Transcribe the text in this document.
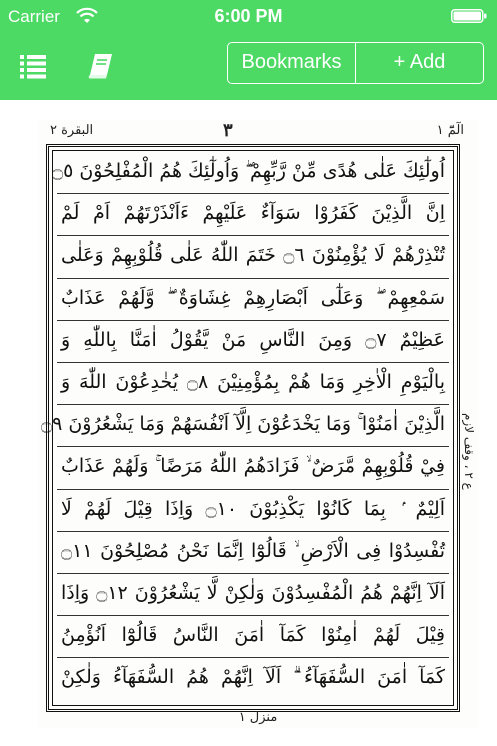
Carrier	6:00 PM
Bookmarks	+ Add
البقرة ٢	٣	الٓمّٓ ١
اُولٰٓئِكَ عَلٰى هُدًى مِّنْ رَّبِّهِمْ ۖ وَاُولٰٓئِكَ هُمُ الْمُفْلِحُوْنَ ۝٥
اِنَّ الَّذِيْنَ كَفَرُوْا سَوَآءٌ عَلَيْهِمْ ءَاَنْذَرْتَهُمْ اَمْ لَمْ
تُنْذِرْهُمْ لَا يُؤْمِنُوْنَ ۝٦ خَتَمَ اللّٰهُ عَلٰى قُلُوْبِهِمْ وَعَلٰى
سَمْعِهِمْ ۖ وَعَلٰٓى اَبْصَارِهِمْ غِشَاوَةٌ ۖ وَّلَهُمْ عَذَابٌ
عَظِيْمٌ ۝٧ وَمِنَ النَّاسِ مَنْ يَّقُوْلُ اٰمَنَّا بِاللّٰهِ وَ
بِالْيَوْمِ الْاٰخِرِ وَمَا هُمْ بِمُؤْمِنِيْنَ ۝٨ يُخٰدِعُوْنَ اللّٰهَ وَ
الَّذِيْنَ اٰمَنُوْا ۚ وَمَا يَخْدَعُوْنَ اِلَّآ اَنْفُسَهُمْ وَمَا يَشْعُرُوْنَ ۝٩
فِيْ قُلُوْبِهِمْ مَّرَضٌ ۙ فَزَادَهُمُ اللّٰهُ مَرَضًا ۚ وَلَهُمْ عَذَابٌ
اَلِيْمٌ ۢ بِمَا كَانُوْا يَكْذِبُوْنَ ۝١٠ وَاِذَا قِيْلَ لَهُمْ لَا
تُفْسِدُوْا فِى الْاَرْضِ ۙ قَالُوْٓا اِنَّمَا نَحْنُ مُصْلِحُوْنَ ۝١١
اَلَآ اِنَّهُمْ هُمُ الْمُفْسِدُوْنَ وَلٰكِنْ لَّا يَشْعُرُوْنَ ۝١٢ وَاِذَا
قِيْلَ لَهُمْ اٰمِنُوْا كَمَآ اٰمَنَ النَّاسُ قَالُوْٓا اَنُؤْمِنُ
كَمَآ اٰمَنَ السُّفَهَآءُ ۗ اَلَآ اِنَّهُمْ هُمُ السُّفَهَآءُ وَلٰكِنْ
ع ٢ ، وقف لازم
منزل ١
